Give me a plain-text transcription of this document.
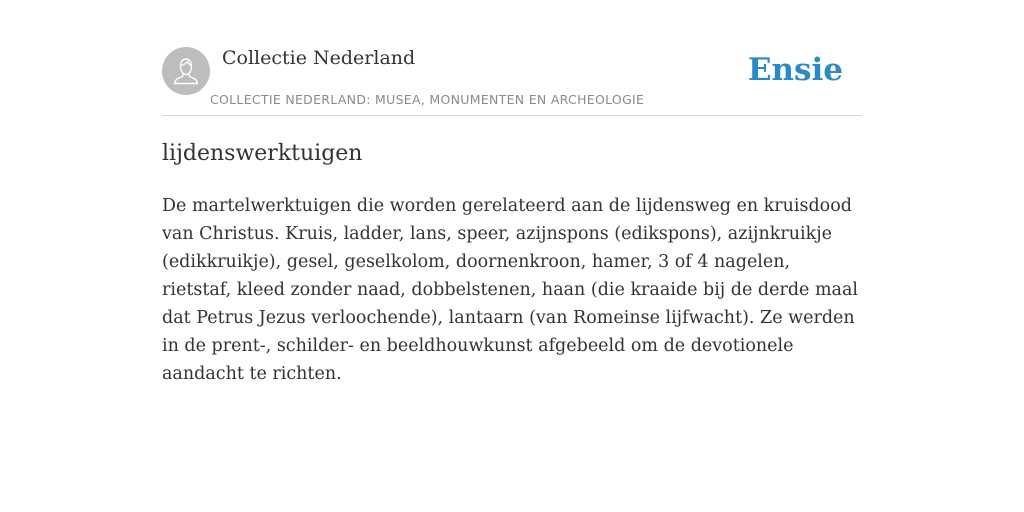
Collectie Nederland
COLLECTIE NEDERLAND: MUSEA, MONUMENTEN EN ARCHEOLOGIE
Ensie
lijdenswerktuigen

De martelwerktuigen die worden gerelateerd aan de lijdensweg en kruisdood van Christus. Kruis, ladder, lans, speer, azijnspons (edikspons), azijnkruikje (edikkruikje), gesel, geselkolom, doornenkroon, hamer, 3 of 4 nagelen, rietstaf, kleed zonder naad, dobbelstenen, haan (die kraaide bij de derde maal dat Petrus Jezus verloochende), lantaarn (van Romeinse lijfwacht). Ze werden in de prent-, schilder- en beeldhouwkunst afgebeeld om de devotionele aandacht te richten.
